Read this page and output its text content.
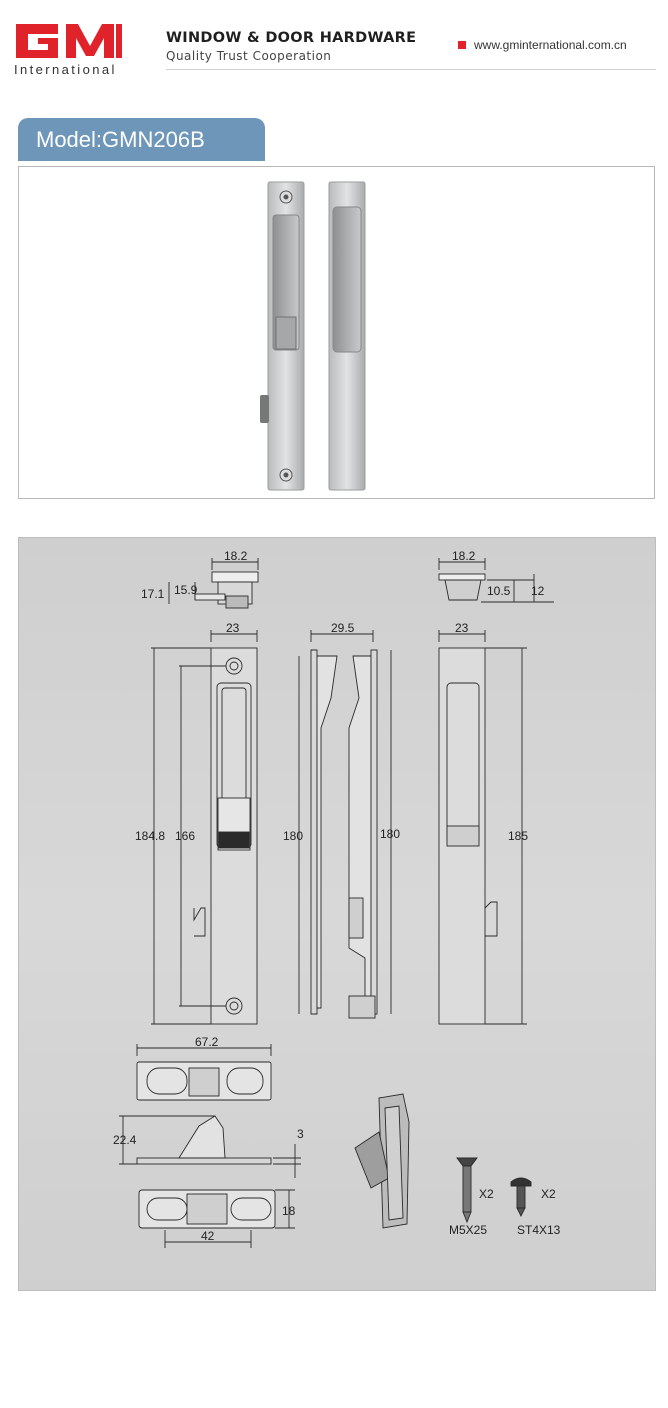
International
WINDOW & DOOR HARDWARE
Quality Trust Cooperation
www.gminternational.com.cn
Model:GMN206B
18.2
17.1 15.9
18.2
10.5 12
23
184.8 166
29.5
180	180
23
185
67.2
22.4	3
42
18
X2
M5X25
X2
ST4X13
